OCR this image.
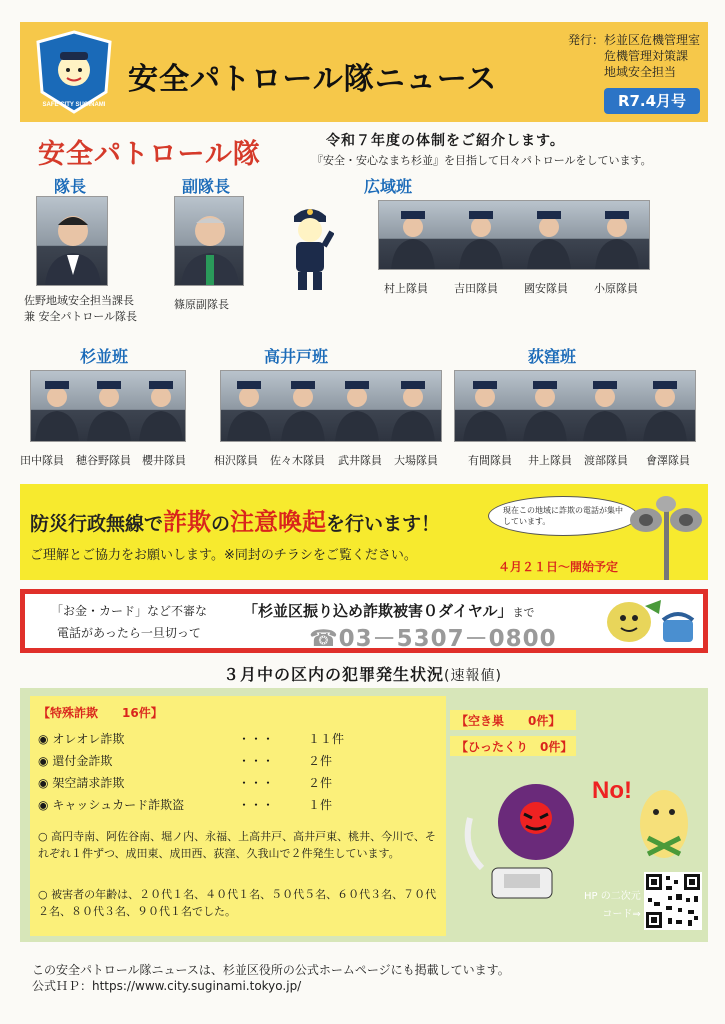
SAFE CITY SUGINAMI
安全パトロール隊ニュース
発行：杉並区危機管理室
危機管理対策課
地域安全担当
R7.4月号
安全パトロール隊	令和７年度の体制をご紹介します。
『安全・安心なまち杉並』を目指して日々パトロールをしています。
隊長
佐野地域安全担当課長
兼 安全パトロール隊長
副隊長
篠原副隊長
広域班
村上隊員 吉田隊員 國安隊員 小原隊員
杉並班
田中隊員 穂谷野隊員 櫻井隊員
高井戸班
相沢隊員 佐々木隊員 武井隊員 大場隊員
荻窪班
有間隊員 井上隊員 渡部隊員 會澤隊員
防災行政無線で詐欺の注意喚起を行います！
ご理解とご協力をお願いします。※同封のチラシをご覧ください。
現在この地域に詐欺の電話が集中しています。
４月２１日～開始予定
「お金・カード」など不審な
電話があったら一旦切って
「杉並区振り込め詐欺被害０ダイヤル」まで
☎03－5307－0800
３月中の区内の犯罪発生状況(速報値)
【特殊詐欺　　16件】
◉ オレオレ詐欺	・・・	１１件
◉ 還付金詐欺	・・・	２件
◉ 架空請求詐欺	・・・	２件
◉ キャッシュカード詐欺盗	・・・	１件
○ 高円寺南、阿佐谷南、堀ノ内、永福、上高井戸、高井戸東、桃井、今川で、それぞれ１件ずつ、成田東、成田西、荻窪、久我山で２件発生しています。
○ 被害者の年齢は、２０代１名、４０代１名、５０代５名、６０代３名、７０代２名、８０代３名、９０代１名でした。
【空き巣　　0件】
【ひったくり　0件】
No!
HP の二次元
コード⇒
この安全パトロール隊ニュースは、杉並区役所の公式ホームページにも掲載しています。
公式ＨＰ：https://www.city.suginami.tokyo.jp/
